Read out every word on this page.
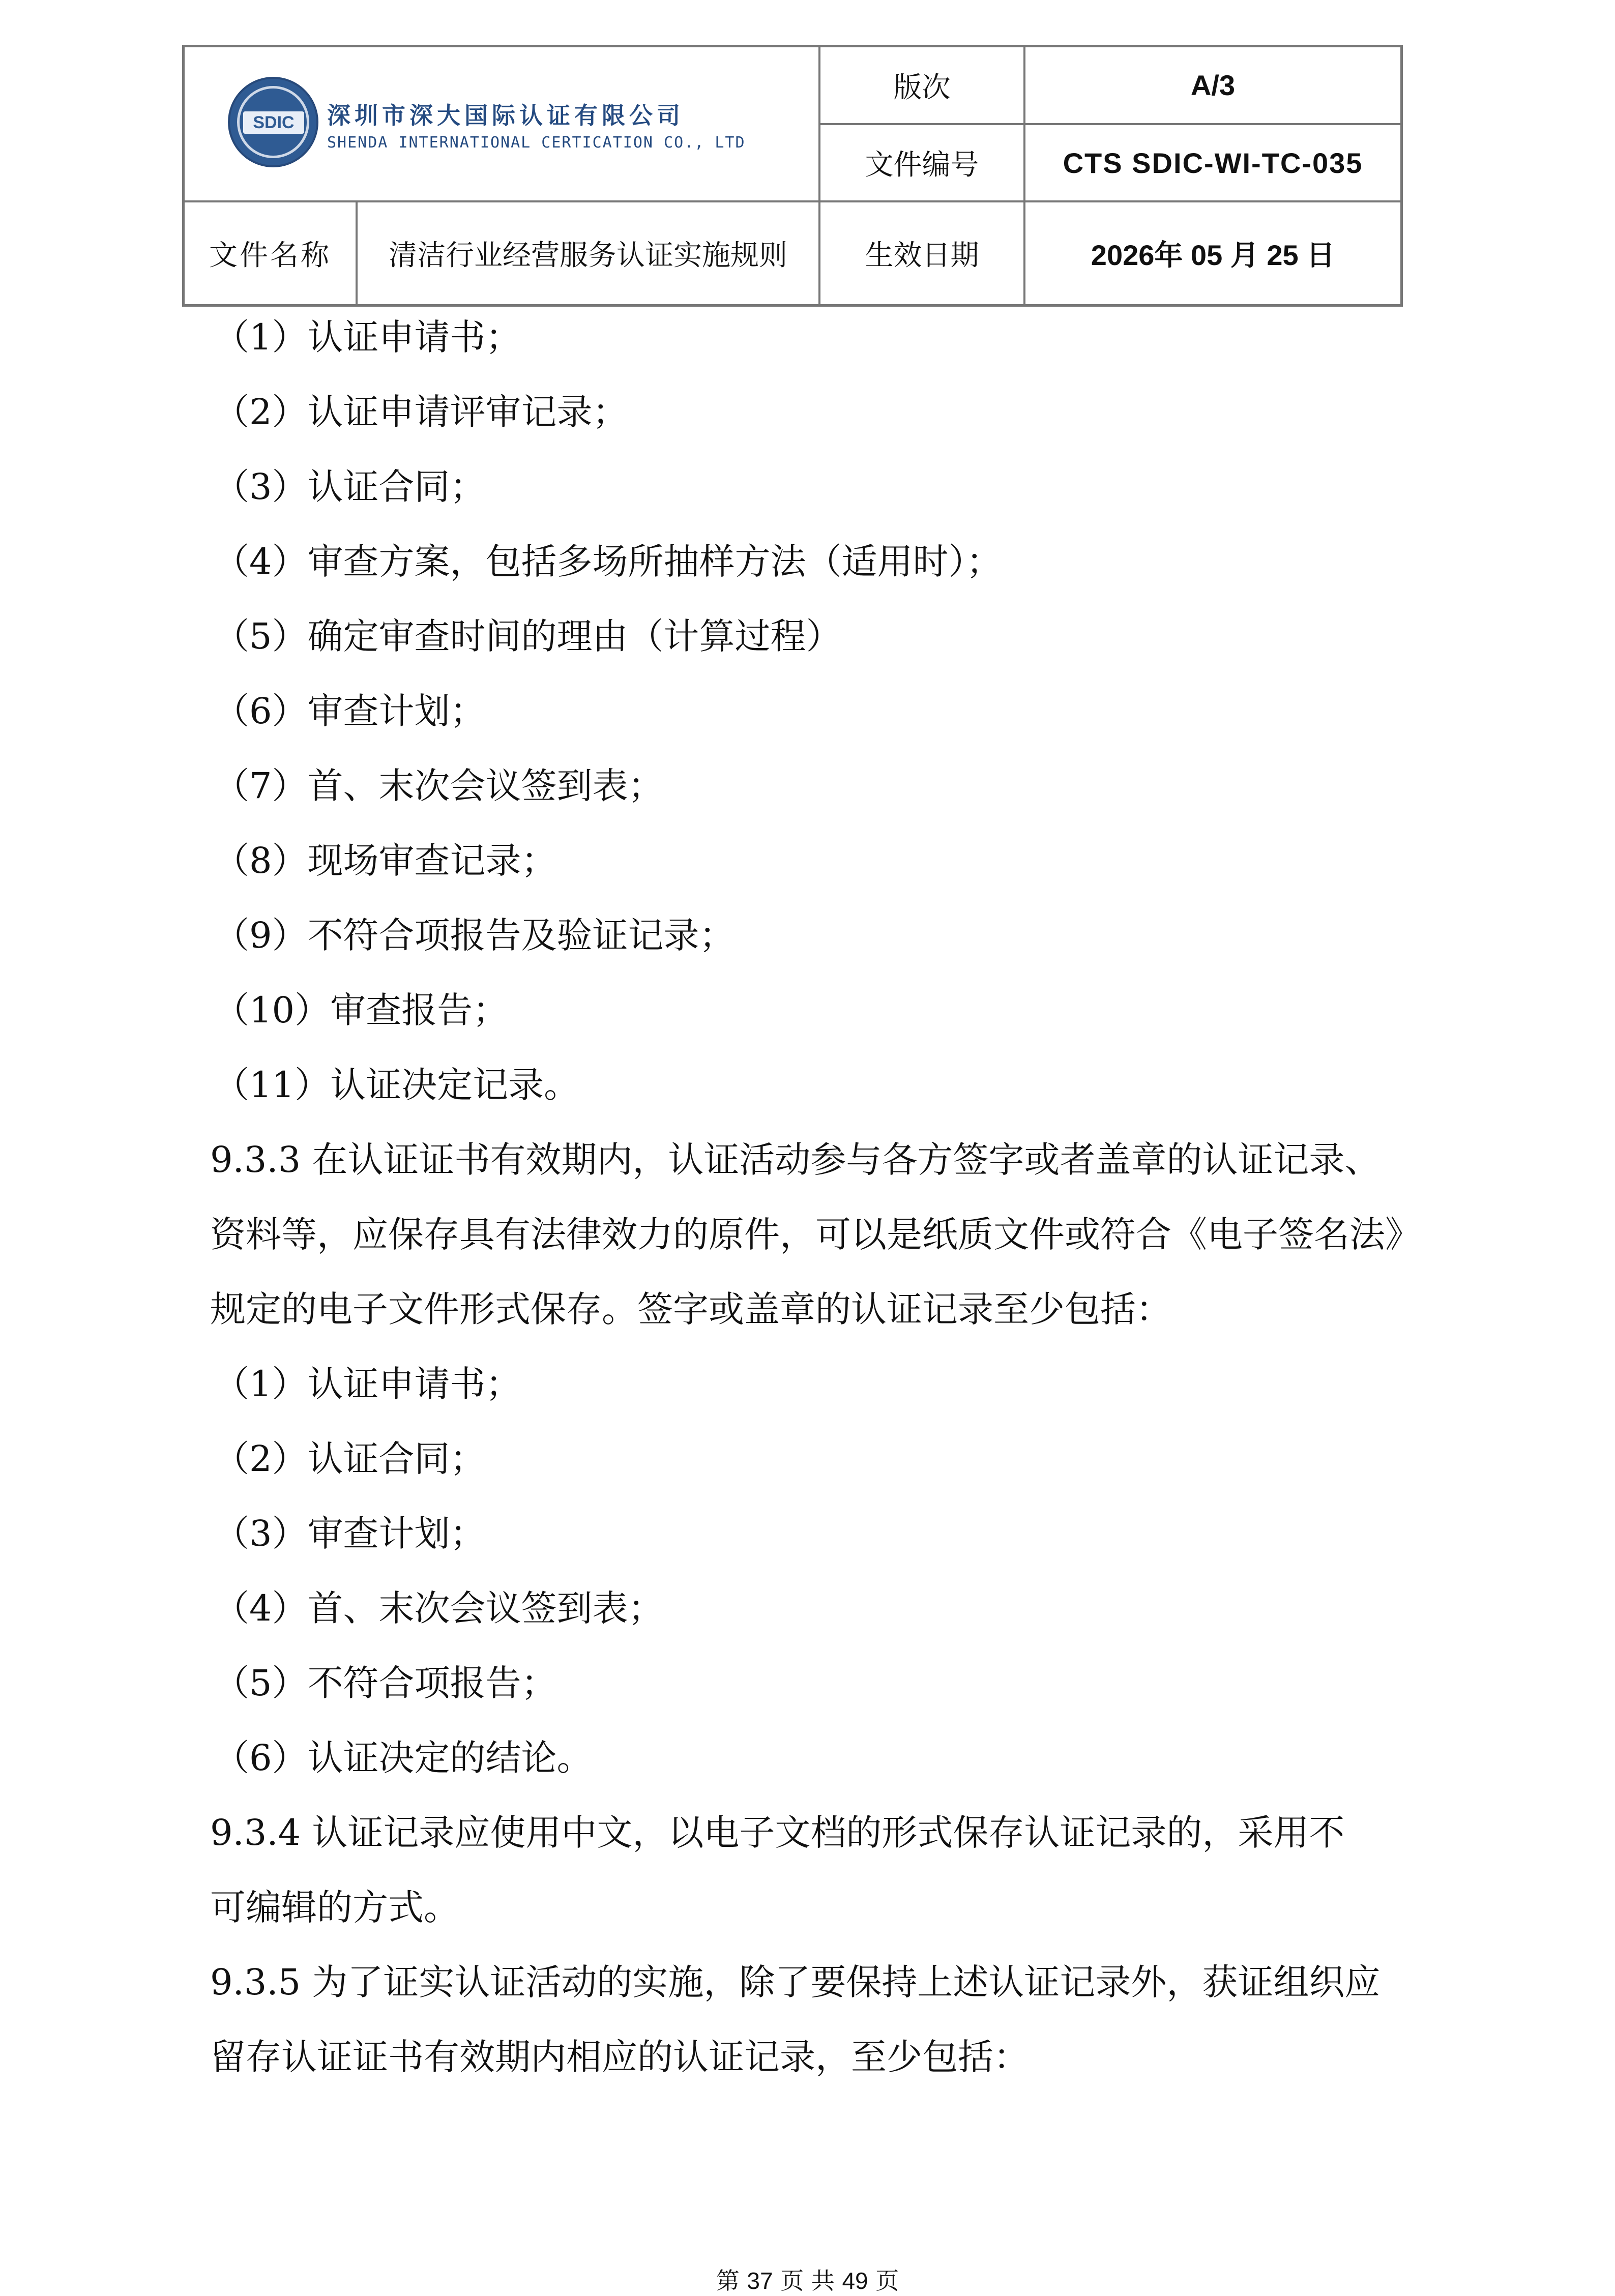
SDIC	深圳市深大国际认证有限公司
SHENDA INTERNATIONAL CERTICATION CO., LTD
版次	A/3
文件编号	CTS SDIC-WI-TC-035
文件名称	清洁行业经营服务认证实施规则	生效日期	2026年 05 月 25 日
（1）认证申请书；
（2）认证申请评审记录；
（3）认证合同；
（4）审查方案，包括多场所抽样方法（适用时）；
（5）确定审查时间的理由（计算过程）
（6）审查计划；
（7）首、末次会议签到表；
（8）现场审查记录；
（9）不符合项报告及验证记录；
（10）审查报告；
（11）认证决定记录。
9.3.3 在认证证书有效期内，认证活动参与各方签字或者盖章的认证记录、
资料等，应保存具有法律效力的原件，可以是纸质文件或符合《电子签名法》
规定的电子文件形式保存。签字或盖章的认证记录至少包括：
（1）认证申请书；
（2）认证合同；
（3）审查计划；
（4）首、末次会议签到表；
（5）不符合项报告；
（6）认证决定的结论。
9.3.4 认证记录应使用中文，以电子文档的形式保存认证记录的，采用不
可编辑的方式。
9.3.5 为了证实认证活动的实施，除了要保持上述认证记录外，获证组织应
留存认证证书有效期内相应的认证记录，至少包括：
第 37 页 共 49 页
